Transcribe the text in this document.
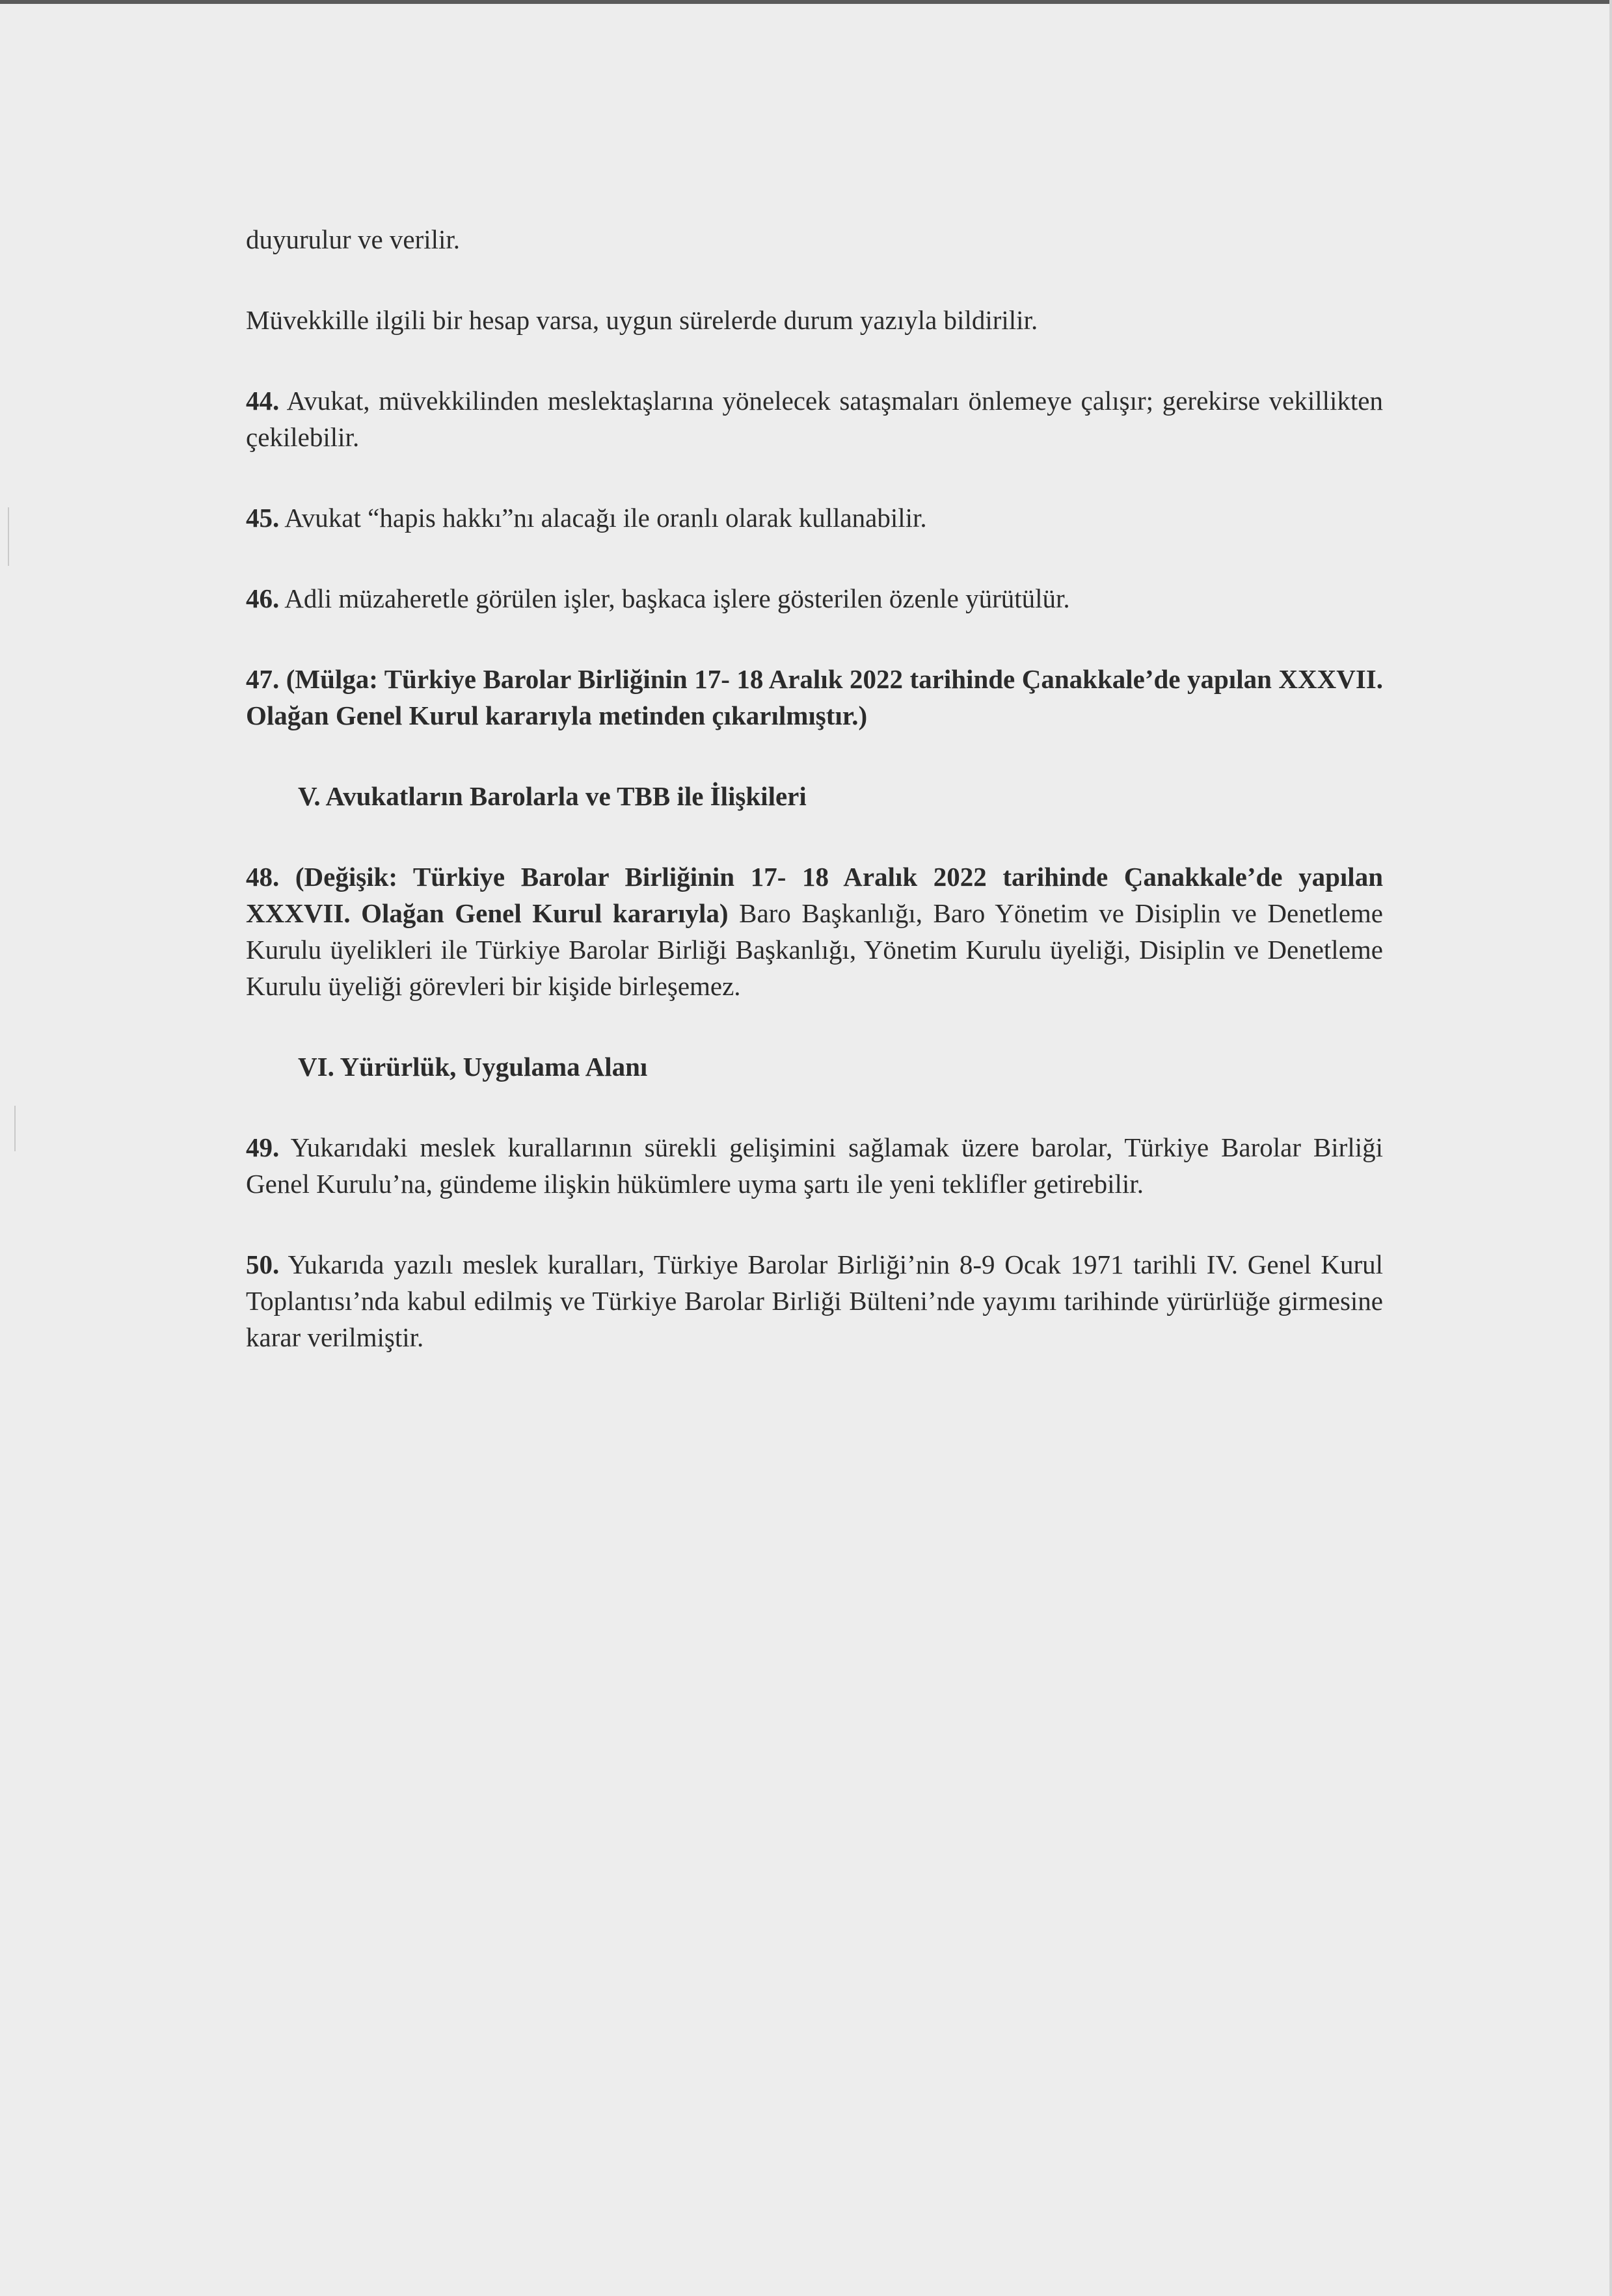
duyurulur ve verilir.

Müvekkille ilgili bir hesap varsa, uygun sürelerde durum yazıyla bildirilir.

44. Avukat, müvekkilinden meslektaşlarına yönelecek sataşmaları önlemeye çalışır; gerekirse vekillikten çekilebilir.

45. Avukat “hapis hakkı”nı alacağı ile oranlı olarak kullanabilir.

46. Adli müzaheretle görülen işler, başkaca işlere gösterilen özenle yürütülür.

47. (Mülga: Türkiye Barolar Birliğinin 17- 18 Aralık 2022 tarihinde Çanakkale’de yapılan XXXVII. Olağan Genel Kurul kararıyla metinden çıkarılmıştır.)

V. Avukatların Barolarla ve TBB ile İlişkileri

48. (Değişik: Türkiye Barolar Birliğinin 17- 18 Aralık 2022 tarihinde Çanakkale’de yapılan XXXVII. Olağan Genel Kurul kararıyla) Baro Başkanlığı, Baro Yönetim ve Disiplin ve Denetleme Kurulu üyelikleri ile Türkiye Barolar Birliği Başkanlığı, Yönetim Kurulu üyeliği, Disiplin ve Denetleme Kurulu üyeliği görevleri bir kişide birleşemez.

VI. Yürürlük, Uygulama Alanı

49. Yukarıdaki meslek kurallarının sürekli gelişimini sağlamak üzere barolar, Türkiye Barolar Birliği Genel Kurulu’na, gündeme ilişkin hükümlere uyma şartı ile yeni teklifler getirebilir.

50. Yukarıda yazılı meslek kuralları, Türkiye Barolar Birliği’nin 8-9 Ocak 1971 tarihli IV. Genel Kurul Toplantısı’nda kabul edilmiş ve Türkiye Barolar Birliği Bülteni’nde yayımı tarihinde yürürlüğe girmesine karar verilmiştir.
